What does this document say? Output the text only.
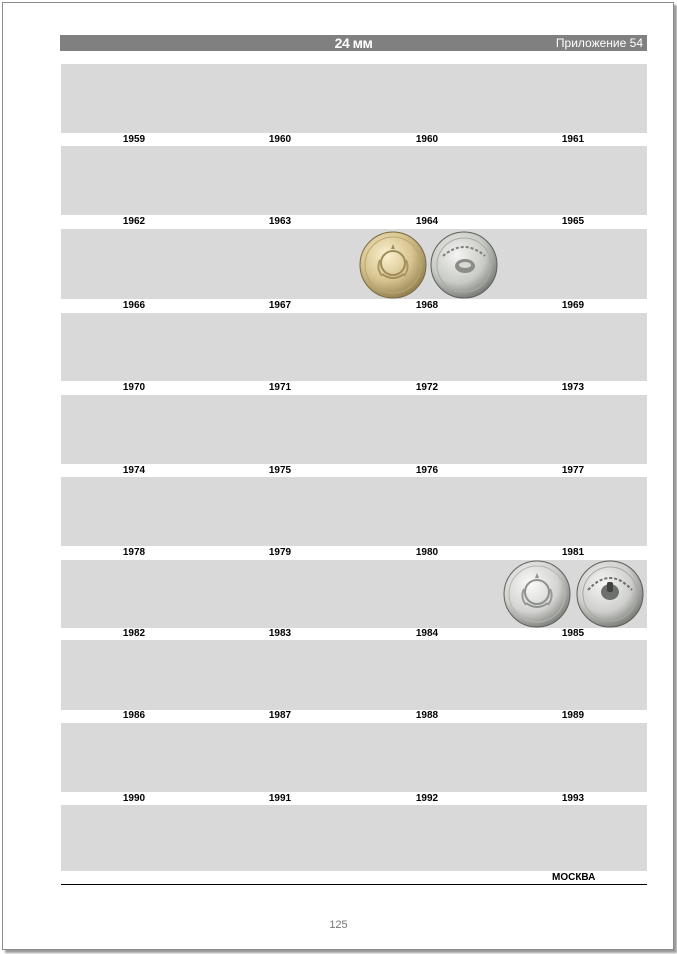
24 мм	Приложение 54
1959	1960	1960	1961
1962	1963	1964	1965
1966	1967	1968	1969
1970	1971	1972	1973
1974	1975	1976	1977
1978	1979	1980	1981
1982	1983	1984	1985
1986	1987	1988	1989
1990	1991	1992	1993
МОСКВА
125
